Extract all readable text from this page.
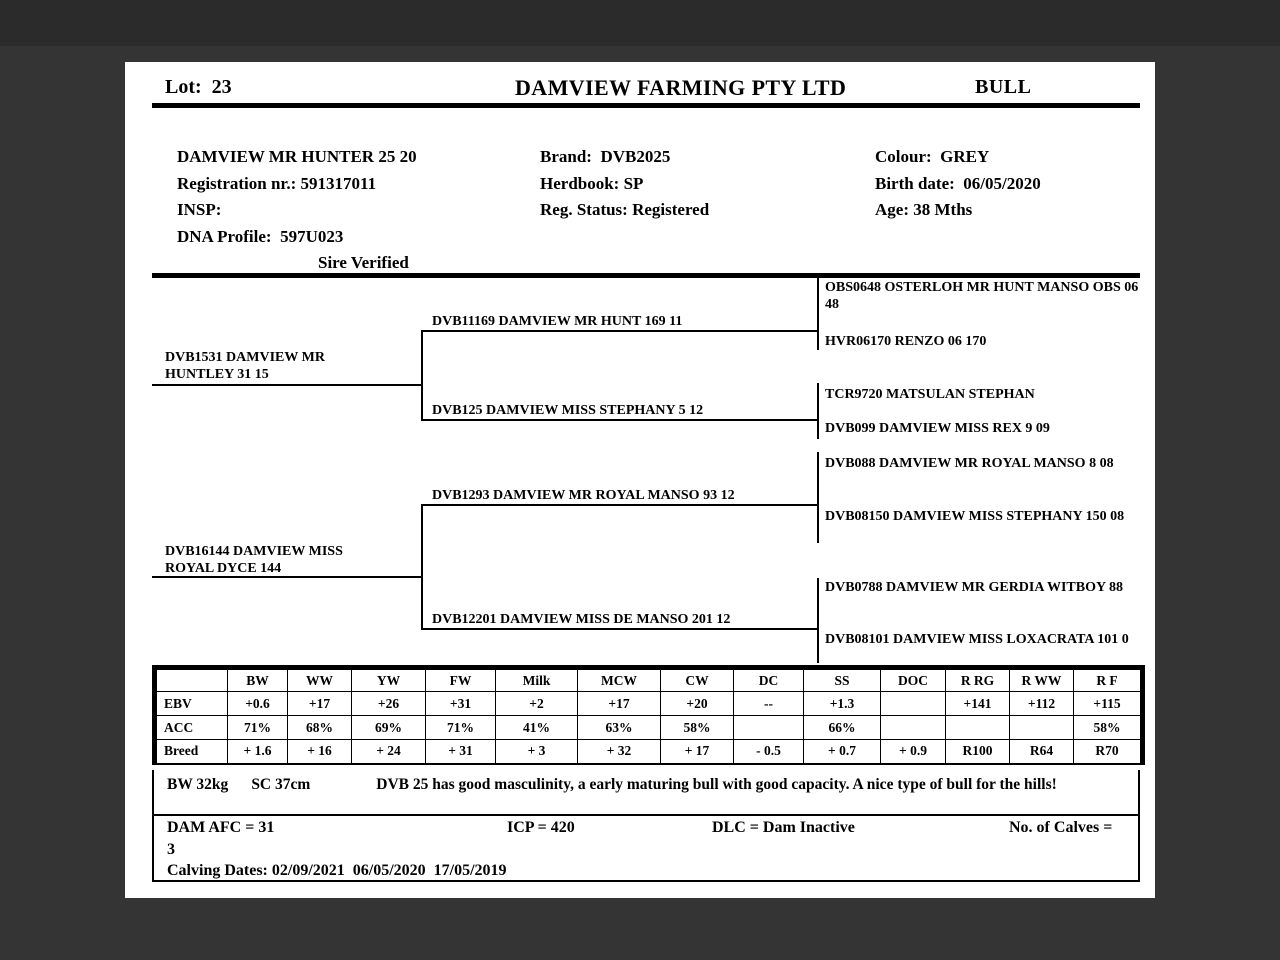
Lot:  23	DAMVIEW FARMING PTY LTD	BULL
DAMVIEW MR HUNTER 25 20
Registration nr.: 591317011
INSP:
DNA Profile:  597U023
Sire Verified
Brand:  DVB2025
Herdbook: SP
Reg. Status: Registered
Colour:  GREY
Birth date:  06/05/2020
Age: 38 Mths
DVB1531 DAMVIEW MR HUNTLEY 31 15
DVB16144 DAMVIEW MISS ROYAL DYCE 144
DVB11169 DAMVIEW MR HUNT 169 11
DVB125 DAMVIEW MISS STEPHANY 5 12
DVB1293 DAMVIEW MR ROYAL MANSO 93 12
DVB12201 DAMVIEW MISS DE MANSO 201 12
OBS0648 OSTERLOH MR HUNT MANSO OBS 06 48
HVR06170 RENZO 06 170
TCR9720 MATSULAN STEPHAN
DVB099 DAMVIEW MISS REX 9 09
DVB088 DAMVIEW MR ROYAL MANSO 8 08
DVB08150 DAMVIEW MISS STEPHANY 150 08
DVB0788 DAMVIEW MR GERDIA WITBOY 88
DVB08101 DAMVIEW MISS LOXACRATA 101 0
	BW	WW	YW	FW	Milk	MCW	CW	DC	SS	DOC	R RG	R WW	R F
EBV	+0.6	+17	+26	+31	+2	+17	+20	--	+1.3		+141	+112	+115
ACC	71%	68%	69%	71%	41%	63%	58%		66%				58%
Breed	+ 1.6	+ 16	+ 24	+ 31	+ 3	+ 32	+ 17	- 0.5	+ 0.7	+ 0.9	R100	R64	R70

BW 32kg SC 37cm	DVB 25 has good masculinity, a early maturing bull with good capacity. A nice type of bull for the hills!

DAM AFC = 31	ICP = 420	DLC = Dam Inactive	No. of Calves =
3
Calving Dates: 02/09/2021  06/05/2020  17/05/2019
